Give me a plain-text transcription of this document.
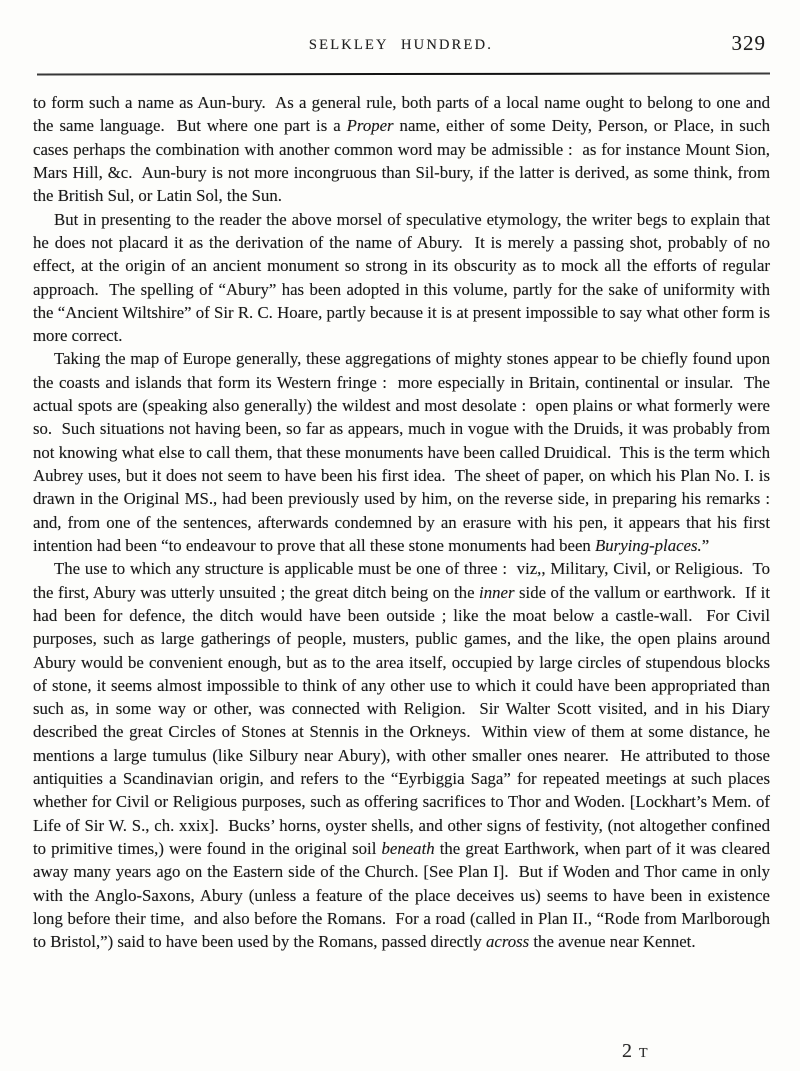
SELKLEY HUNDRED.	329

to form such a name as Aun-bury.  As a general rule, both parts of a local name ought to belong to one and the same language.  But where one part is a Proper name, either of some Deity, Person, or Place, in such cases perhaps the combination with another common word may be admissible :  as for instance Mount Sion, Mars Hill, &c.  Aun-bury is not more incongruous than Sil-bury, if the latter is derived, as some think, from the British Sul, or Latin Sol, the Sun.

But in presenting to the reader the above morsel of speculative etymology, the writer begs to explain that he does not placard it as the derivation of the name of Abury.  It is merely a passing shot, probably of no effect, at the origin of an ancient monument so strong in its obscurity as to mock all the efforts of regular approach.  The spelling of “Abury” has been adopted in this volume, partly for the sake of uniformity with the “Ancient Wiltshire” of Sir R. C. Hoare, partly because it is at present impossible to say what other form is more correct.

Taking the map of Europe generally, these aggregations of mighty stones appear to be chiefly found upon the coasts and islands that form its Western fringe :  more especially in Britain, continental or insular.  The actual spots are (speaking also generally) the wildest and most desolate :  open plains or what formerly were so.  Such situations not having been, so far as appears, much in vogue with the Druids, it was probably from not knowing what else to call them, that these monuments have been called Druidical.  This is the term which Aubrey uses, but it does not seem to have been his first idea.  The sheet of paper, on which his Plan No. I. is drawn in the Original MS., had been previously used by him, on the reverse side, in preparing his remarks : and, from one of the sentences, afterwards condemned by an erasure with his pen, it appears that his first intention had been “to endeavour to prove that all these stone monuments had been Burying-places.”

The use to which any structure is applicable must be one of three :  viz,, Military, Civil, or Religious.  To the first, Abury was utterly unsuited ; the great ditch being on the inner side of the vallum or earthwork.  If it had been for defence, the ditch would have been outside ; like the moat below a castle-wall.  For Civil purposes, such as large gatherings of people, musters, public games, and the like, the open plains around Abury would be convenient enough, but as to the area itself, occupied by large circles of stupendous blocks of stone, it seems almost impossible to think of any other use to which it could have been appropriated than such as, in some way or other, was connected with Religion.  Sir Walter Scott visited, and in his Diary described the great Circles of Stones at Stennis in the Orkneys.  Within view of them at some distance, he mentions a large tumulus (like Silbury near Abury), with other smaller ones nearer.  He attributed to those antiquities a Scandinavian origin, and refers to the “Eyrbiggia Saga” for repeated meetings at such places whether for Civil or Religious purposes, such as offering sacrifices to Thor and Woden. [Lockhart’s Mem. of Life of Sir W. S., ch. xxix].  Bucks’ horns, oyster shells, and other signs of festivity, (not altogether confined to primitive times,) were found in the original soil beneath the great Earthwork, when part of it was cleared away many years ago on the Eastern side of the Church. [See Plan I].  But if Woden and Thor came in only with the Anglo-Saxons, Abury (unless a feature of the place deceives us) seems to have been in existence long before their time,  and also before the Romans.  For a road (called in Plan II., “Rode from Marlborough to Bristol,”) said to have been used by the Romans, passed directly across the avenue near Kennet.

2 T
